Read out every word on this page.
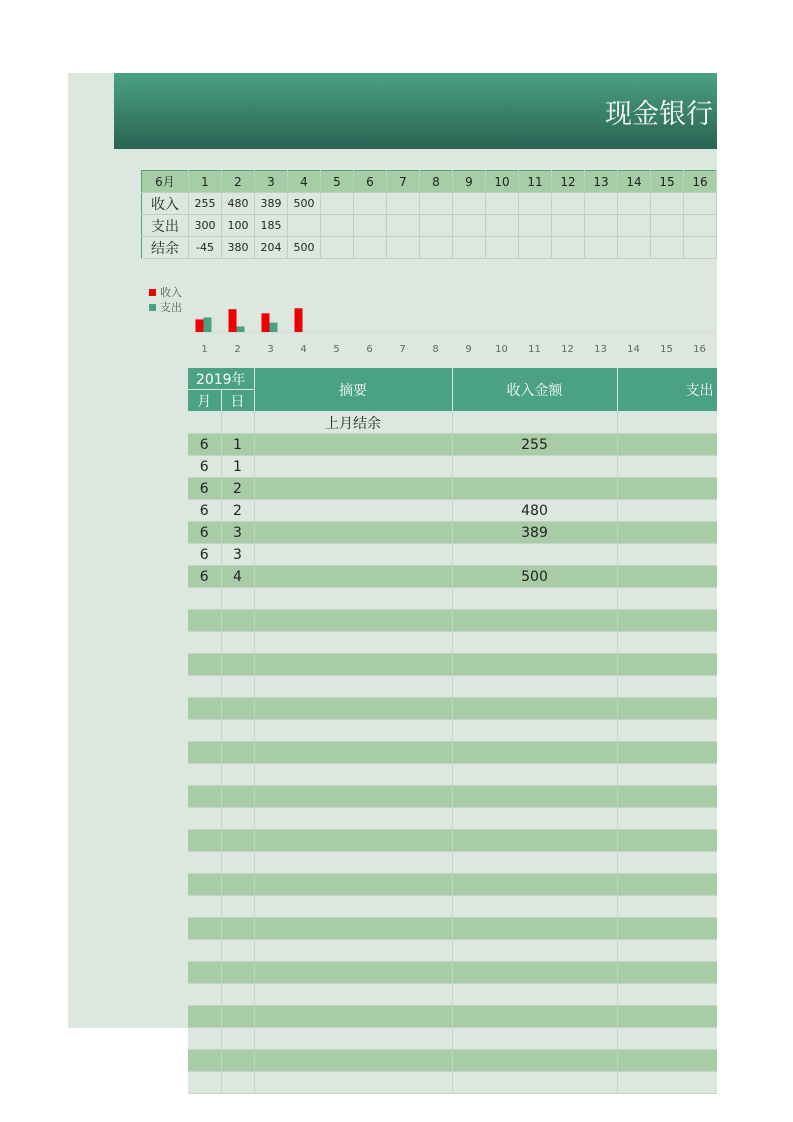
现金银行
6月	1	2	3	4	5	6	7	8	9	10	11	12	13	14	15	16
收入	255	480	389	500												
支出	300	100	185													
结余	-45	380	204	500												
收入
支出
1	2	3	4	5	6	7	8	9 10 11 12 13 14 15 16
2019年		摘要	收入金额	支出
月	日			
		上月结余		
6	1		255	
6	1			
6	2			
6	2		480	
6	3		389	
6	3			
6	4		500	
